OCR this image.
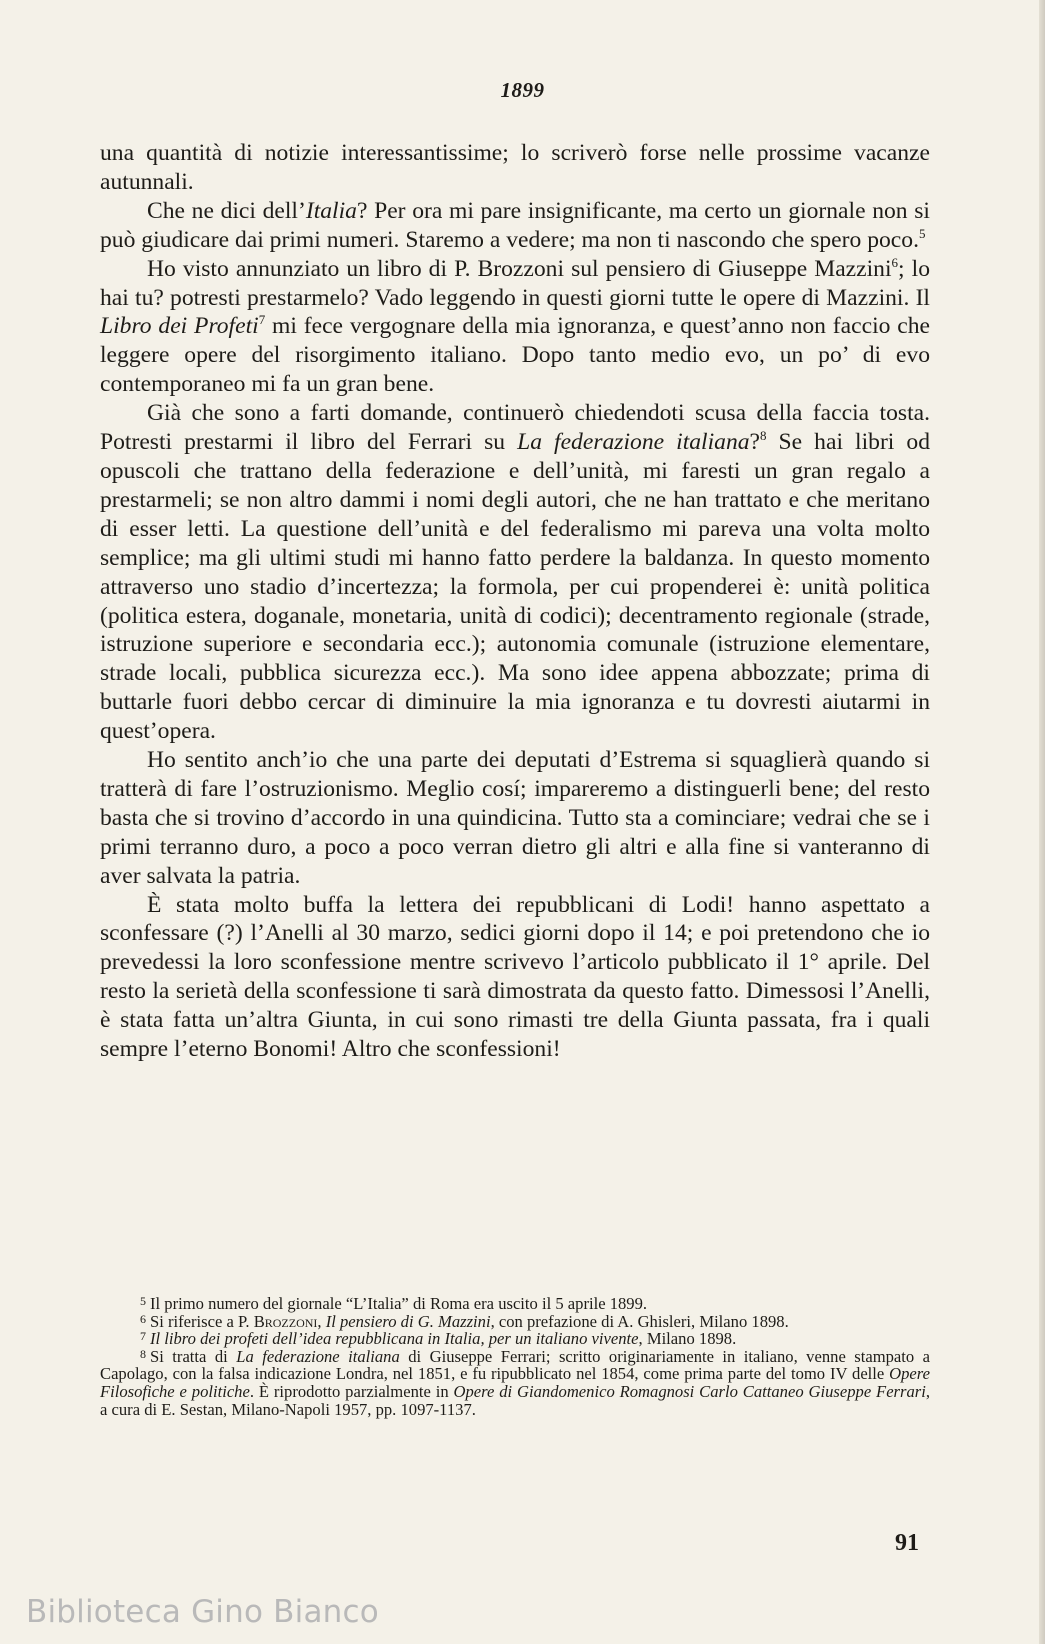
1899

una quantità di notizie interessantissime; lo scriverò forse nelle prossime vacanze autunnali.

Che ne dici dell’Italia? Per ora mi pare insignificante, ma certo un giornale non si può giudicare dai primi numeri. Staremo a vedere; ma non ti nascondo che spero poco.$^5$

Ho visto annunziato un libro di P. Brozzoni sul pensiero di Giuseppe Mazzini$^6$; lo hai tu? potresti prestarmelo? Vado leggendo in questi giorni tutte le opere di Mazzini. Il Libro dei Profeti$^7$ mi fece vergognare della mia ignoranza, e quest’anno non faccio che leggere opere del risorgimento italiano. Dopo tanto medio evo, un po’ di evo contemporaneo mi fa un gran bene.

Già che sono a farti domande, continuerò chiedendoti scusa della faccia tosta. Potresti prestarmi il libro del Ferrari su La federazione italiana?$^8$ Se hai libri od opuscoli che trattano della federazione e dell’unità, mi faresti un gran regalo a prestarmeli; se non altro dammi i nomi degli autori, che ne han trattato e che meritano di esser letti. La questione dell’unità e del federalismo mi pareva una volta molto semplice; ma gli ultimi studi mi hanno fatto perdere la baldanza. In questo momento attraverso uno stadio d’incertezza; la formola, per cui propenderei è: unità politica (politica estera, doganale, monetaria, unità di codici); decentramento regionale (strade, istruzione superiore e secondaria ecc.); autonomia comunale (istruzione elementare, strade locali, pubblica sicurezza ecc.). Ma sono idee appena abbozzate; prima di buttarle fuori debbo cercar di diminuire la mia ignoranza e tu dovresti aiutarmi in quest’opera.

Ho sentito anch’io che una parte dei deputati d’Estrema si squaglierà quando si tratterà di fare l’ostruzionismo. Meglio cosí; impareremo a distinguerli bene; del resto basta che si trovino d’accordo in una quindicina. Tutto sta a cominciare; vedrai che se i primi terranno duro, a poco a poco verran dietro gli altri e alla fine si vanteranno di aver salvata la patria.

È stata molto buffa la lettera dei repubblicani di Lodi! hanno aspettato a sconfessare (?) l’Anelli al 30 marzo, sedici giorni dopo il 14; e poi pretendono che io prevedessi la loro sconfessione mentre scrivevo l’articolo pubblicato il 1° aprile. Del resto la serietà della sconfessione ti sarà dimostrata da questo fatto. Dimessosi l’Anelli, è stata fatta un’altra Giunta, in cui sono rimasti tre della Giunta passata, fra i quali sempre l’eterno Bonomi! Altro che sconfessioni!

$^5$ Il primo numero del giornale “L’Italia” di Roma era uscito il 5 aprile 1899.

$^6$ Si riferisce a P. Brozzoni, Il pensiero di G. Mazzini, con prefazione di A. Ghisleri, Milano 1898.

$^7$ Il libro dei profeti dell’idea repubblicana in Italia, per un italiano vivente, Milano 1898.

$^8$ Si tratta di La federazione italiana di Giuseppe Ferrari; scritto originariamente in italiano, venne stampato a Capolago, con la falsa indicazione Londra, nel 1851, e fu ripubblicato nel 1854, come prima parte del tomo IV delle Opere Filosofiche e politiche. È riprodotto parzialmente in Opere di Giandomenico Romagnosi Carlo Cattaneo Giuseppe Ferrari, a cura di E. Sestan, Milano-Napoli 1957, pp. 1097-1137.

91
Biblioteca Gino Bianco
